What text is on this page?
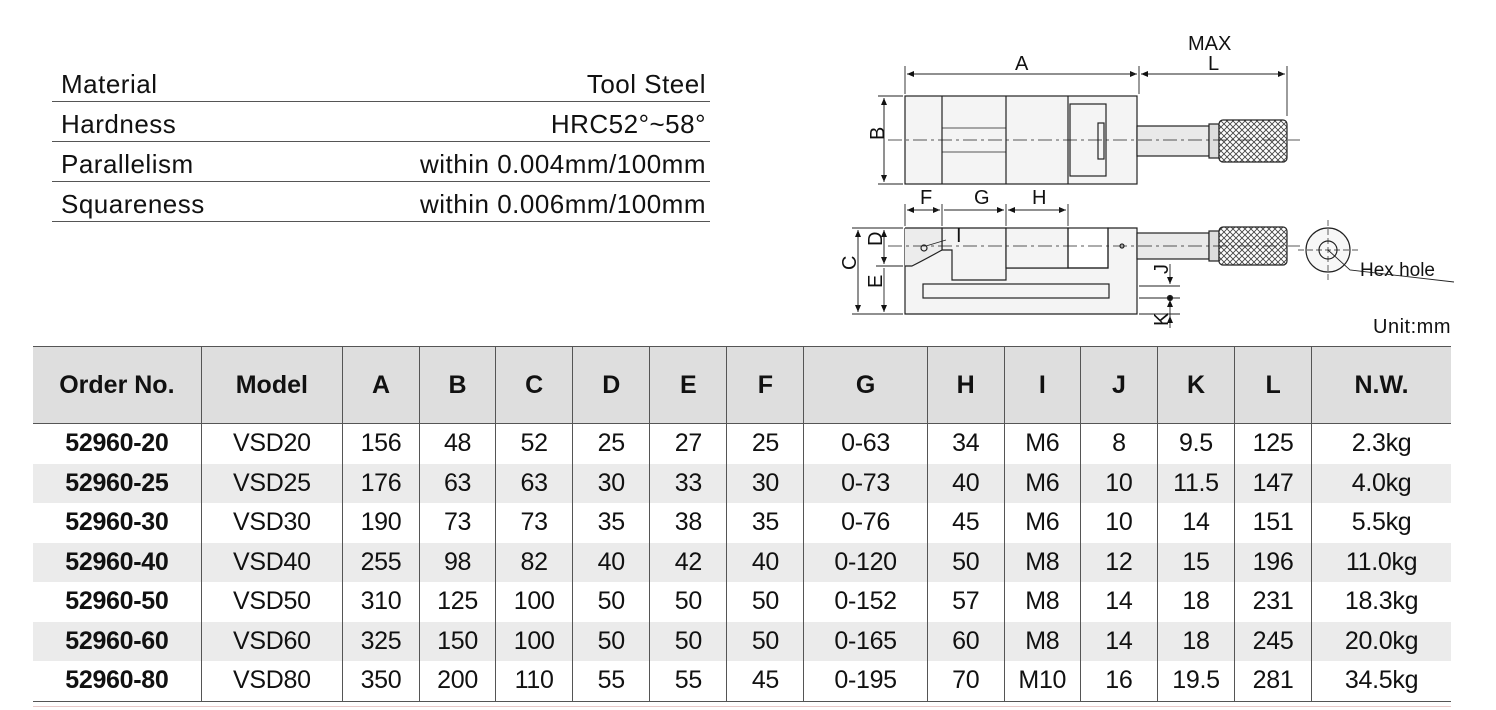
Material	Tool Steel
Hardness	HRC52°~58°
Parallelism	within 0.004mm/100mm
Squareness	within 0.006mm/100mm
A
MAX
L
B
F G H
I
C
D
E
J
K
Hex hole
Unit:mm
Order No.	Model	A	B	C	D	E	F	G	H	I	J	K	L	N.W.
52960-20	VSD20	156	48	52	25	27	25	0-63	34	M6	8	9.5	125	2.3kg
52960-25	VSD25	176	63	63	30	33	30	0-73	40	M6	10	11.5	147	4.0kg
52960-30	VSD30	190	73	73	35	38	35	0-76	45	M6	10	14	151	5.5kg
52960-40	VSD40	255	98	82	40	42	40	0-120	50	M8	12	15	196	11.0kg
52960-50	VSD50	310	125	100	50	50	50	0-152	57	M8	14	18	231	18.3kg
52960-60	VSD60	325	150	100	50	50	50	0-165	60	M8	14	18	245	20.0kg
52960-80	VSD80	350	200	110	55	55	45	0-195	70	M10	16	19.5	281	34.5kg
